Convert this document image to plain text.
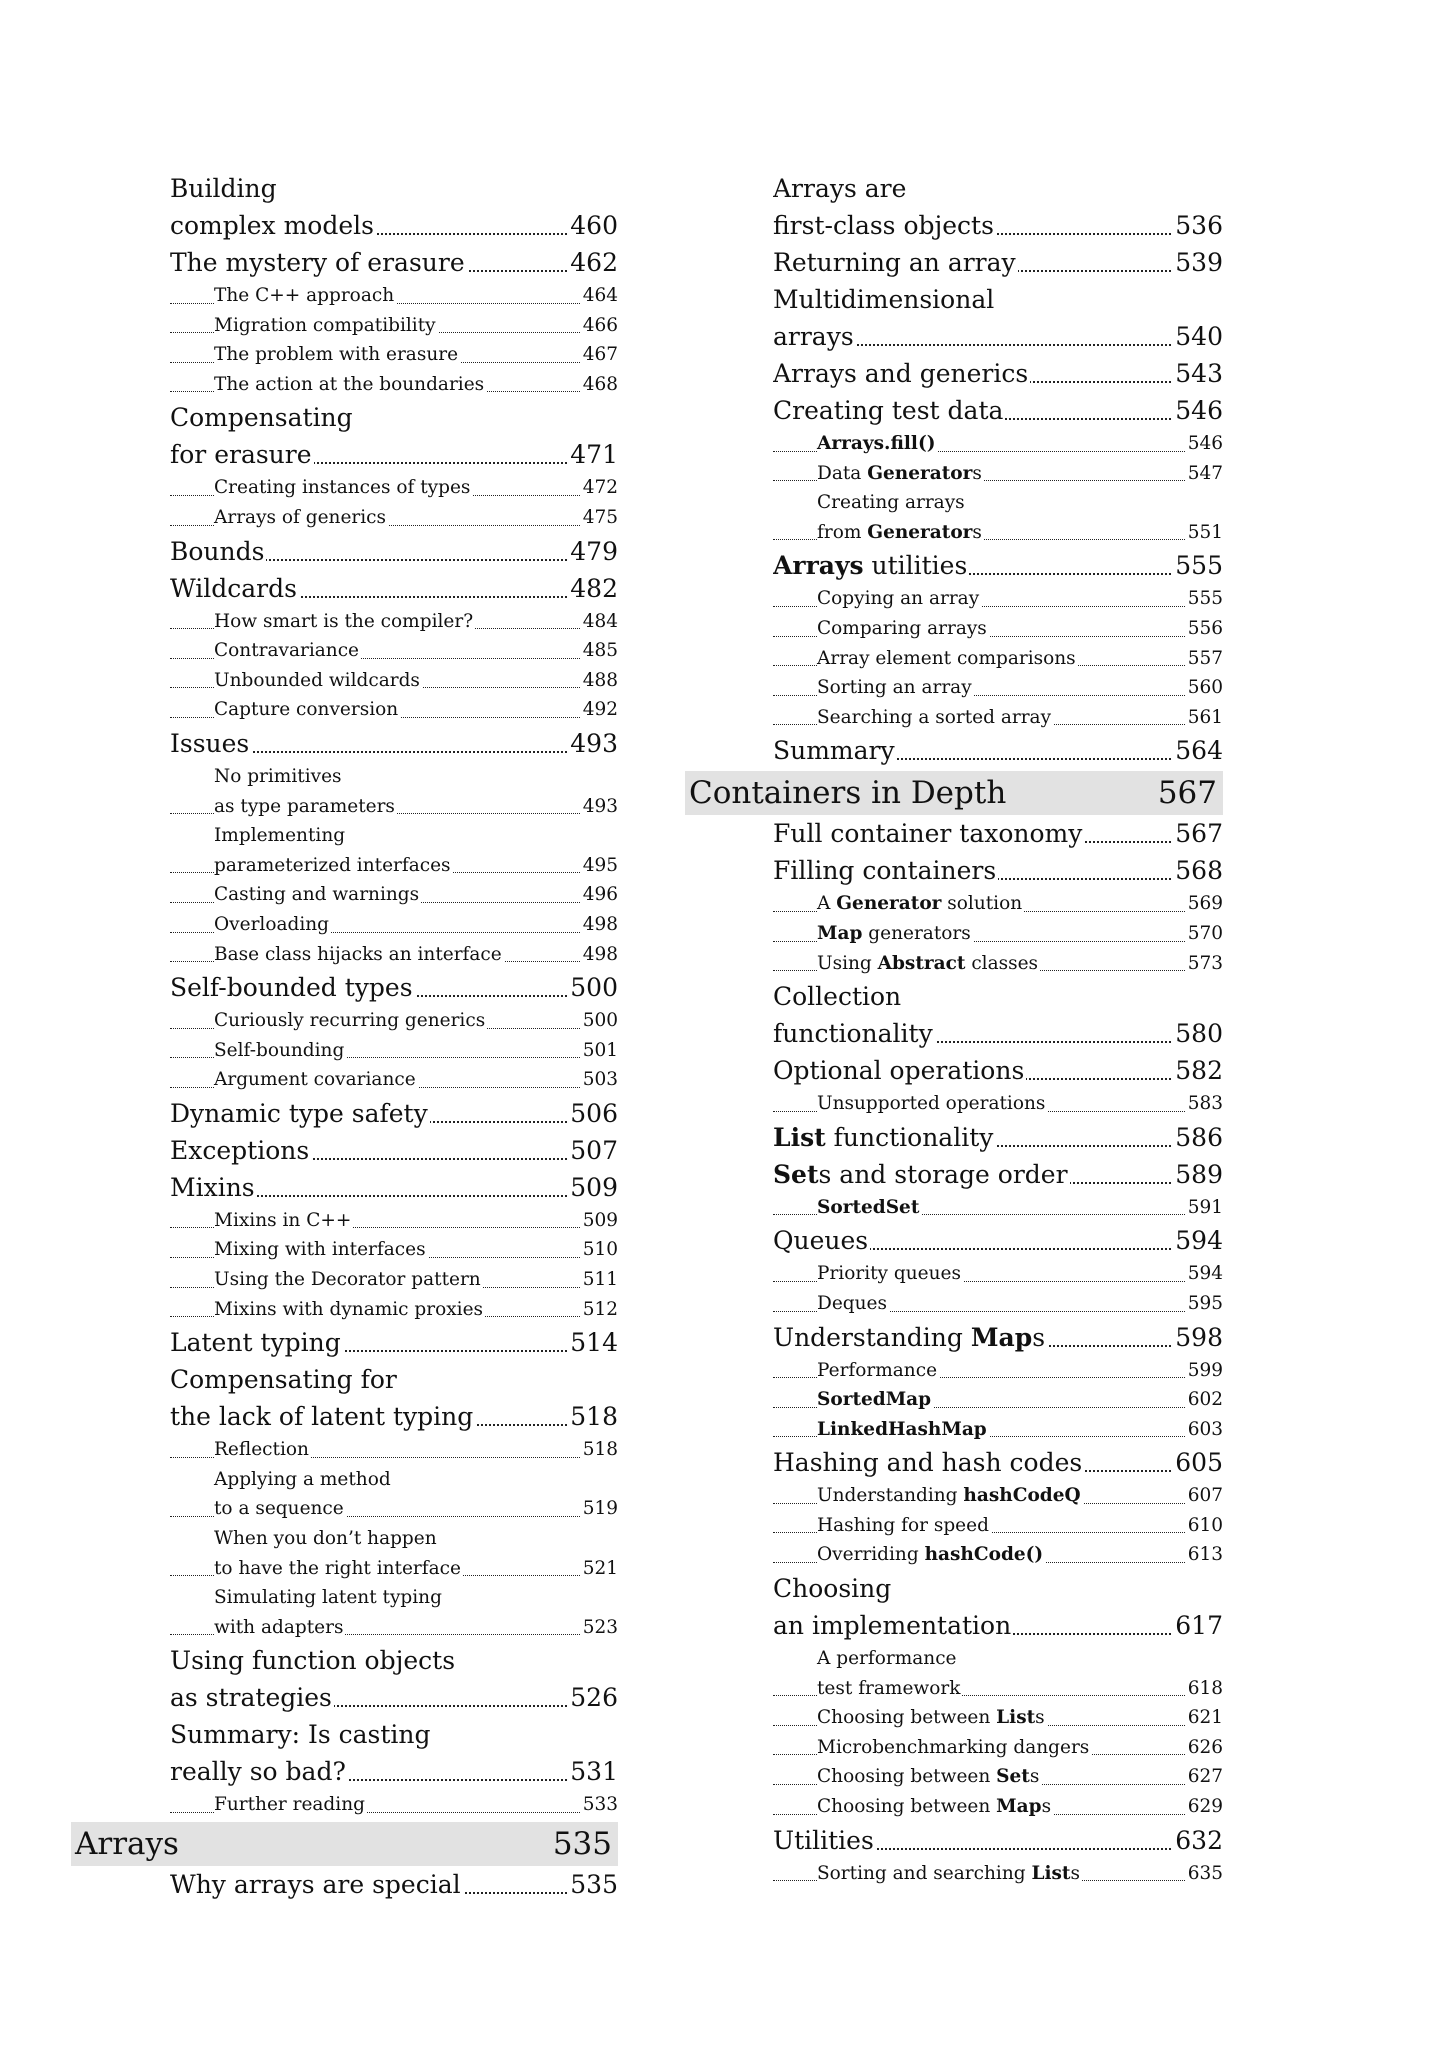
Building
complex models	460
The mystery of erasure	462
The C++ approach	464
Migration compatibility	466
The problem with erasure	467
The action at the boundaries	468
Compensating
for erasure	471
Creating instances of types	472
Arrays of generics	475
Bounds	479
Wildcards	482
How smart is the compiler?	484
Contravariance	485
Unbounded wildcards	488
Capture conversion	492
Issues	493
No primitives
as type parameters	493
Implementing
parameterized interfaces	495
Casting and warnings	496
Overloading	498
Base class hijacks an interface	498
Self-bounded types	500
Curiously recurring generics	500
Self-bounding	501
Argument covariance	503
Dynamic type safety	506
Exceptions	507
Mixins	509
Mixins in C++	509
Mixing with interfaces	510
Using the Decorator pattern	511
Mixins with dynamic proxies	512
Latent typing	514
Compensating for
the lack of latent typing	518
Reflection	518
Applying a method
to a sequence	519
When you don’t happen
to have the right interface	521
Simulating latent typing
with adapters	523
Using function objects
as strategies	526
Summary: Is casting
really so bad?	531
Further reading	533
Arrays	535
Why arrays are special	535
Arrays are
first-class objects	536
Returning an array	539
Multidimensional
arrays	540
Arrays and generics	543
Creating test data	546
Arrays.fill()	546
Data Generators	547
Creating arrays
from Generators	551
Arrays utilities	555
Copying an array	555
Comparing arrays	556
Array element comparisons	557
Sorting an array	560
Searching a sorted array	561
Summary	564
Containers in Depth	567
Full container taxonomy	567
Filling containers	568
A Generator solution	569
Map generators	570
Using Abstract classes	573
Collection
functionality	580
Optional operations	582
Unsupported operations	583
List functionality	586
Sets and storage order	589
SortedSet	591
Queues	594
Priority queues	594
Deques	595
Understanding Maps	598
Performance	599
SortedMap	602
LinkedHashMap	603
Hashing and hash codes	605
Understanding hashCodeQ	607
Hashing for speed	610
Overriding hashCode()	613
Choosing
an implementation	617
A performance
test framework	618
Choosing between Lists	621
Microbenchmarking dangers	626
Choosing between Sets	627
Choosing between Maps	629
Utilities	632
Sorting and searching Lists	635
